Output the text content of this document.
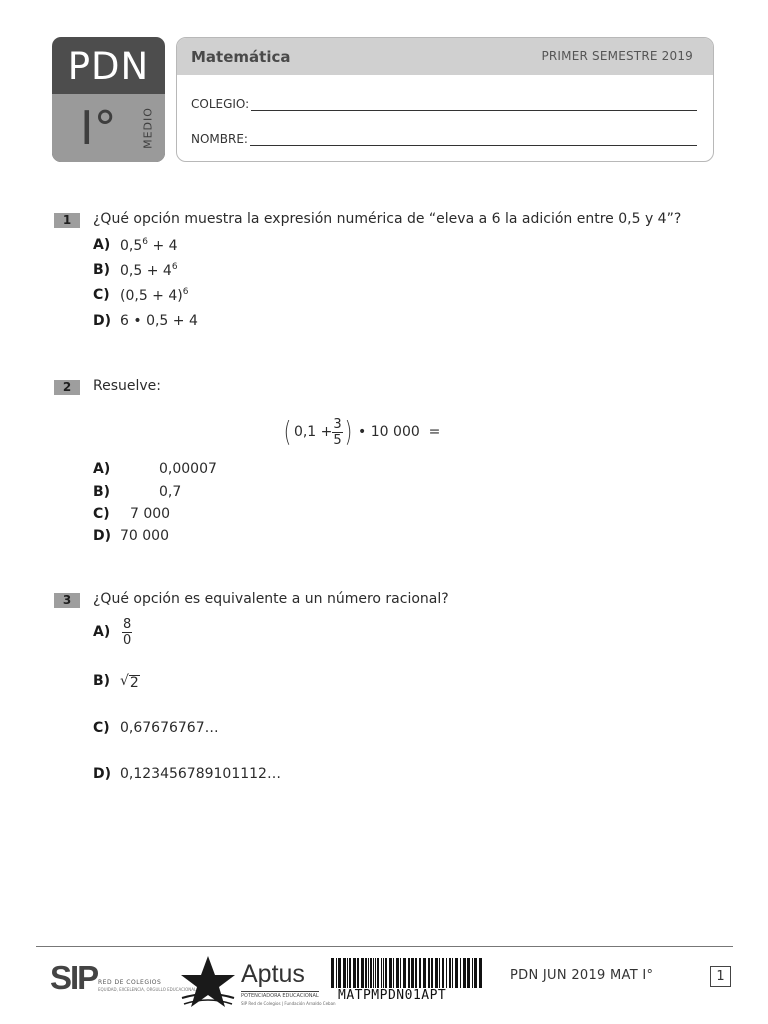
PDN
I° MEDIO
Matemática	PRIMER SEMESTRE 2019
COLEGIO:
NOMBRE:
1	¿Qué opción muestra la expresión numérica de “eleva a 6 la adición entre 0,5 y 4”?
A) $0,5^6 + 4$
B) $0,5 + 4^6$
C) $(0,5 + 4)^6$
D) 6 • 0,5 + 4
2	Resuelve:
( $0,1 + \frac{3}{5}$ ) • 10 000  =
A)	0,00007
B)	0,7
C) 7 000
D) 70 000
3	¿Qué opción es equivalente a un número racional?
$A) \frac{8}{0}$
B) √ 2
C) 0,67676767…
D) 0,123456789101112…
SIP RED DE COLEGIOS
EQUIDAD, EXCELENCIA, ORGULLO EDUCACIONAL
Aptus
POTENCIADORA EDUCACIONAL
SIP Red de Colegios | Fundación Arnaldo Ceban
MATPMPDN01APT
PDN JUN 2019 MAT I°	1
